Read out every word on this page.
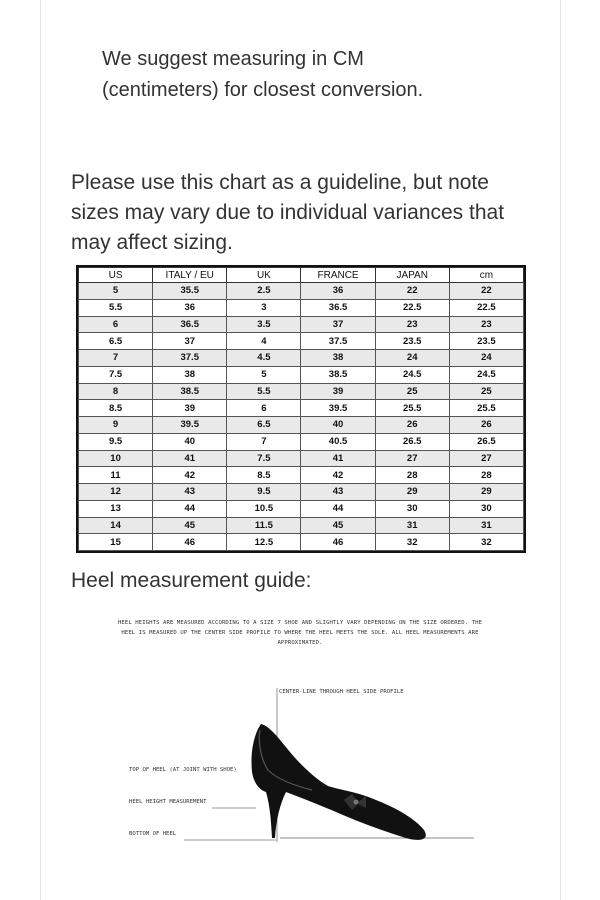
We suggest measuring in CM (centimeters) for closest conversion.

Please use this chart as a guideline, but note sizes may vary due to individual variances that may affect sizing.

US	ITALY / EU	UK	FRANCE	JAPAN	cm
5	35.5	2.5	36	22	22
5.5	36	3	36.5	22.5	22.5
6	36.5	3.5	37	23	23
6.5	37	4	37.5	23.5	23.5
7	37.5	4.5	38	24	24
7.5	38	5	38.5	24.5	24.5
8	38.5	5.5	39	25	25
8.5	39	6	39.5	25.5	25.5
9	39.5	6.5	40	26	26
9.5	40	7	40.5	26.5	26.5
10	41	7.5	41	27	27
11	42	8.5	42	28	28
12	43	9.5	43	29	29
13	44	10.5	44	30	30
14	45	11.5	45	31	31
15	46	12.5	46	32	32
Heel measurement guide:

HEEL HEIGHTS ARE MEASURED ACCORDING TO A SIZE 7 SHOE AND SLIGHTLY VARY DEPENDING ON THE SIZE ORDERED. THE HEEL IS MEASURED UP THE CENTER SIDE PROFILE TO WHERE THE HEEL MEETS THE SOLE. ALL HEEL MEASUREMENTS ARE APPROXIMATED.

CENTER-LINE THROUGH HEEL SIDE PROFILE

TOP OF HEEL (AT JOINT WITH SHOE)

HEEL HEIGHT MEASUREMENT

BOTTOM OF HEEL
